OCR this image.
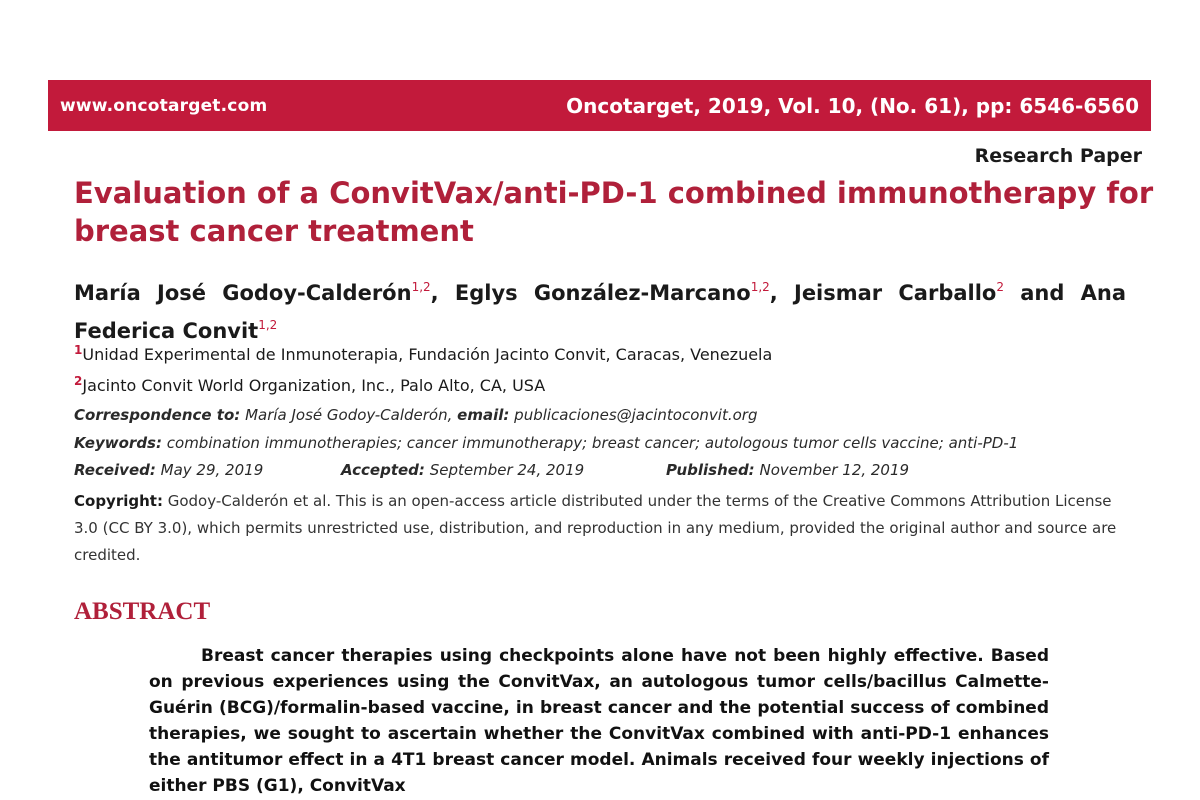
www.oncotarget.com	Oncotarget, 2019, Vol. 10, (No. 61), pp: 6546-6560
Research Paper
Evaluation of a ConvitVax/anti-PD-1 combined immunotherapy for breast cancer treatment
María José Godoy-Calderón$^{1,2}$, Eglys González-Marcano$^{1,2}$, Jeismar Carballo$^2$ and Ana Federica Convit$^{1,2}$
$^1$Unidad Experimental de Inmunoterapia, Fundación Jacinto Convit, Caracas, Venezuela
$^2$Jacinto Convit World Organization, Inc., Palo Alto, CA, USA
Correspondence to: María José Godoy-Calderón, email: publicaciones@jacintoconvit.org
Keywords: combination immunotherapies; cancer immunotherapy; breast cancer; autologous tumor cells vaccine; anti-PD-1
Received: May 29, 2019	Accepted: September 24, 2019	Published: November 12, 2019
Copyright: Godoy-Calderón et al. This is an open-access article distributed under the terms of the Creative Commons Attribution License 3.0 (CC BY 3.0), which permits unrestricted use, distribution, and reproduction in any medium, provided the original author and source are credited.
ABSTRACT
Breast cancer therapies using checkpoints alone have not been highly effective. Based on previous experiences using the ConvitVax, an autologous tumor cells/bacillus Calmette-Guérin (BCG)/formalin-based vaccine, in breast cancer and the potential success of combined therapies, we sought to ascertain whether the ConvitVax combined with anti-PD-1 enhances the antitumor effect in a 4T1 breast cancer model. Animals received four weekly injections of either PBS (G1), ConvitVax
